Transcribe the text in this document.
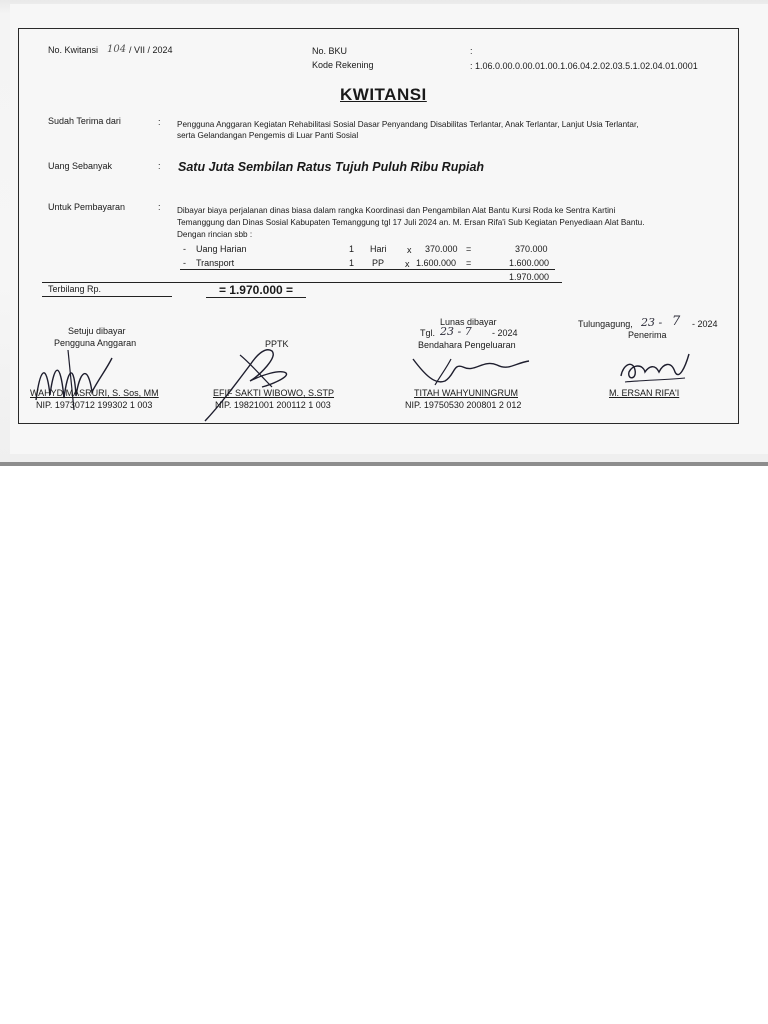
No. Kwitansi 104 / VII / 2024	No. BKU	:
Kode Rekening	: 1.06.0.00.0.00.01.00.1.06.04.2.02.03.5.1.02.04.01.0001
KWITANSI
Sudah Terima dari	: Pengguna Anggaran Kegiatan Rehabilitasi Sosial Dasar Penyandang Disabilitas Terlantar, Anak Terlantar, Lanjut Usia Terlantar,
serta Gelandangan Pengemis di Luar Panti Sosial
Uang Sebanyak	: Satu Juta Sembilan Ratus Tujuh Puluh Ribu Rupiah
Untuk Pembayaran	: Dibayar biaya perjalanan dinas biasa dalam rangka Koordinasi dan Pengambilan Alat Bantu Kursi Roda ke Sentra Kartini
Temanggung dan Dinas Sosial Kabupaten Temanggung tgl 17 Juli 2024 an. M. Ersan Rifa'i Sub Kegiatan Penyediaan Alat Bantu.
Dengan rincian sbb :
- Uang Harian	1 Hari x 370.000 =	370.000
- Transport	1 PP x 1.600.000 =	1.600.000
1.970.000
Terbilang Rp.	= 1.970.000 =
Setuju dibayar
Pengguna Anggaran
WAHYD MASRURI, S. Sos, MM
NIP. 19730712 199302 1 003
PPTK
EFIF SAKTI WIBOWO, S.STP
NIP. 19821001 200112 1 003
Lunas dibayar
Tgl. 23 - 7 - 2024
Bendahara Pengeluaran
TITAH WAHYUNINGRUM
NIP. 19750530 200801 2 012
Tulungagung, 23 - 7 - 2024
Penerima
M. ERSAN RIFA'I
